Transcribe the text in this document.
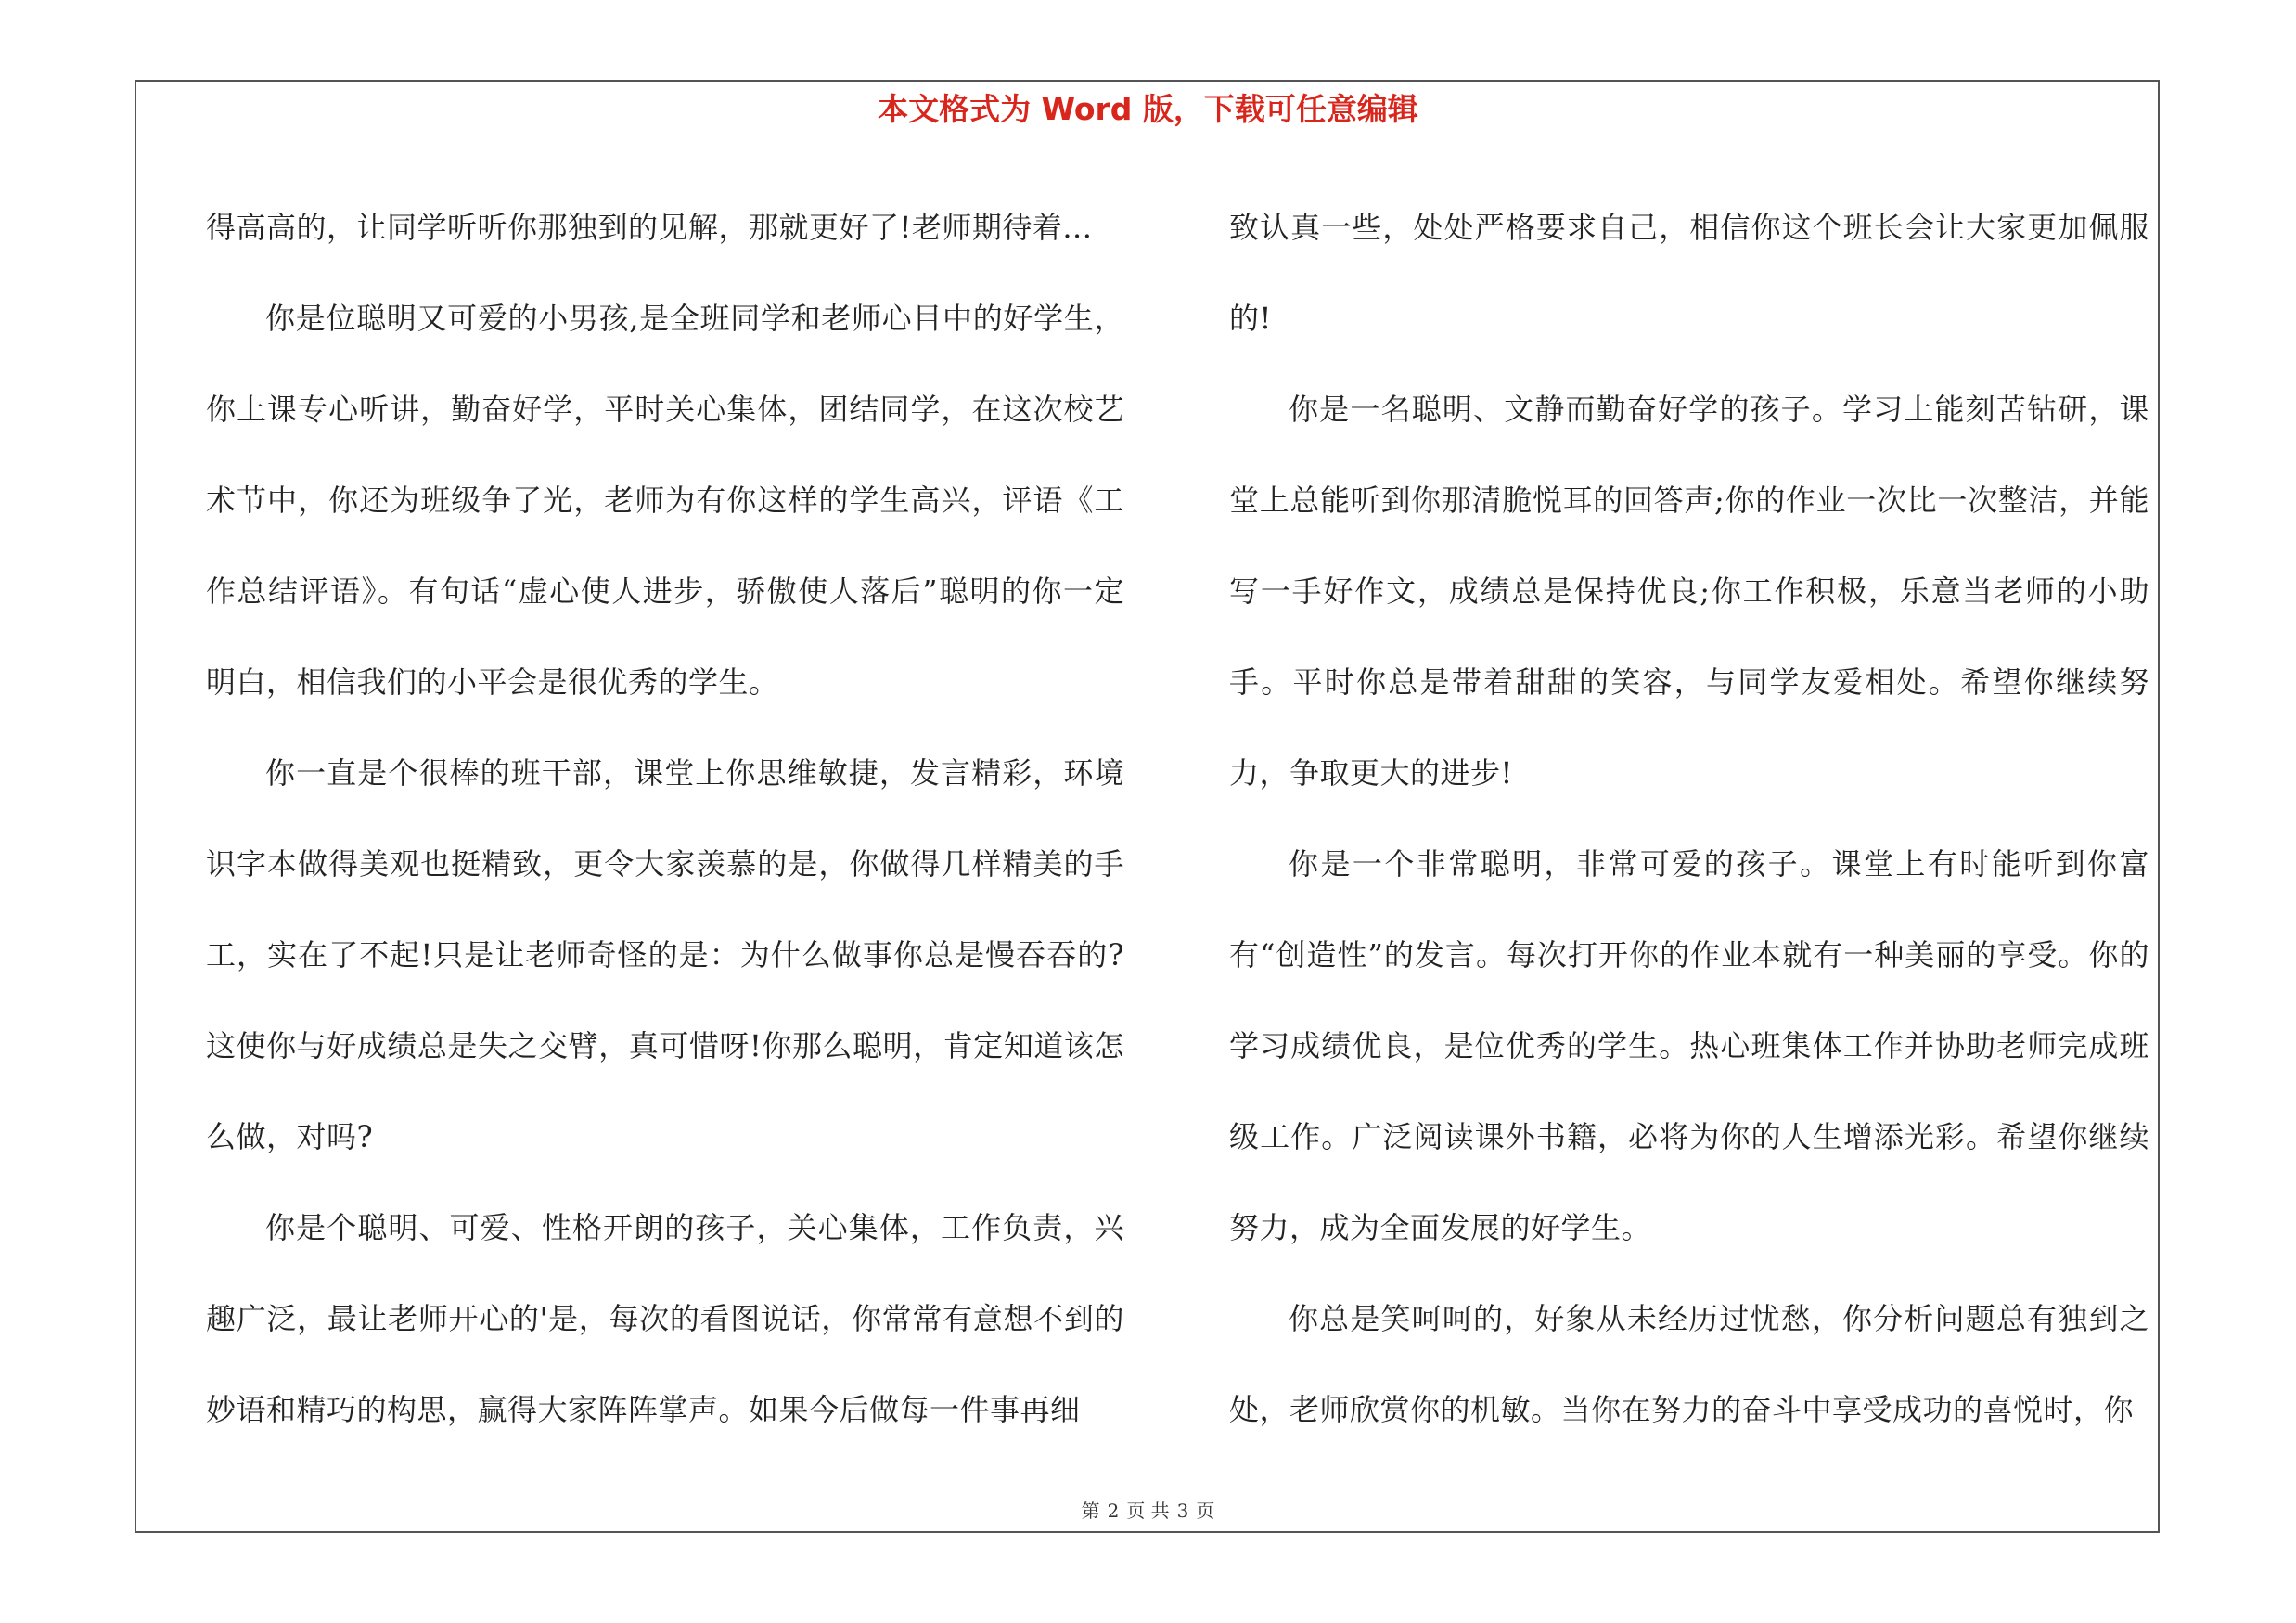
本文格式为 Word 版，下载可任意编辑

得高高的，让同学听听你那独到的见解，那就更好了!老师期待着...

你是位聪明又可爱的小男孩,是全班同学和老师心目中的好学生，你上课专心听讲，勤奋好学，平时关心集体，团结同学，在这次校艺术节中，你还为班级争了光，老师为有你这样的学生高兴，评语《工作总结评语》。有句话“虚心使人进步，骄傲使人落后”聪明的你一定明白，相信我们的小平会是很优秀的学生。

你一直是个很棒的班干部，课堂上你思维敏捷，发言精彩，环境识字本做得美观也挺精致，更令大家羡慕的是，你做得几样精美的手工，实在了不起!只是让老师奇怪的是：为什么做事你总是慢吞吞的?这使你与好成绩总是失之交臂，真可惜呀!你那么聪明，肯定知道该怎么做，对吗?

你是个聪明、可爱、性格开朗的孩子，关心集体，工作负责，兴趣广泛，最让老师开心的'是，每次的看图说话，你常常有意想不到的妙语和精巧的构思，赢得大家阵阵掌声。如果今后做每一件事再细

致认真一些，处处严格要求自己，相信你这个班长会让大家更加佩服的!

你是一名聪明、文静而勤奋好学的孩子。学习上能刻苦钻研，课堂上总能听到你那清脆悦耳的回答声;你的作业一次比一次整洁，并能写一手好作文，成绩总是保持优良;你工作积极，乐意当老师的小助手。平时你总是带着甜甜的笑容，与同学友爱相处。希望你继续努力，争取更大的进步!

你是一个非常聪明，非常可爱的孩子。课堂上有时能听到你富有“创造性”的发言。每次打开你的作业本就有一种美丽的享受。你的学习成绩优良，是位优秀的学生。热心班集体工作并协助老师完成班级工作。广泛阅读课外书籍，必将为你的人生增添光彩。希望你继续努力，成为全面发展的好学生。

你总是笑呵呵的，好象从未经历过忧愁，你分析问题总有独到之处，老师欣赏你的机敏。当你在努力的奋斗中享受成功的喜悦时，你

第 2 页 共 3 页
